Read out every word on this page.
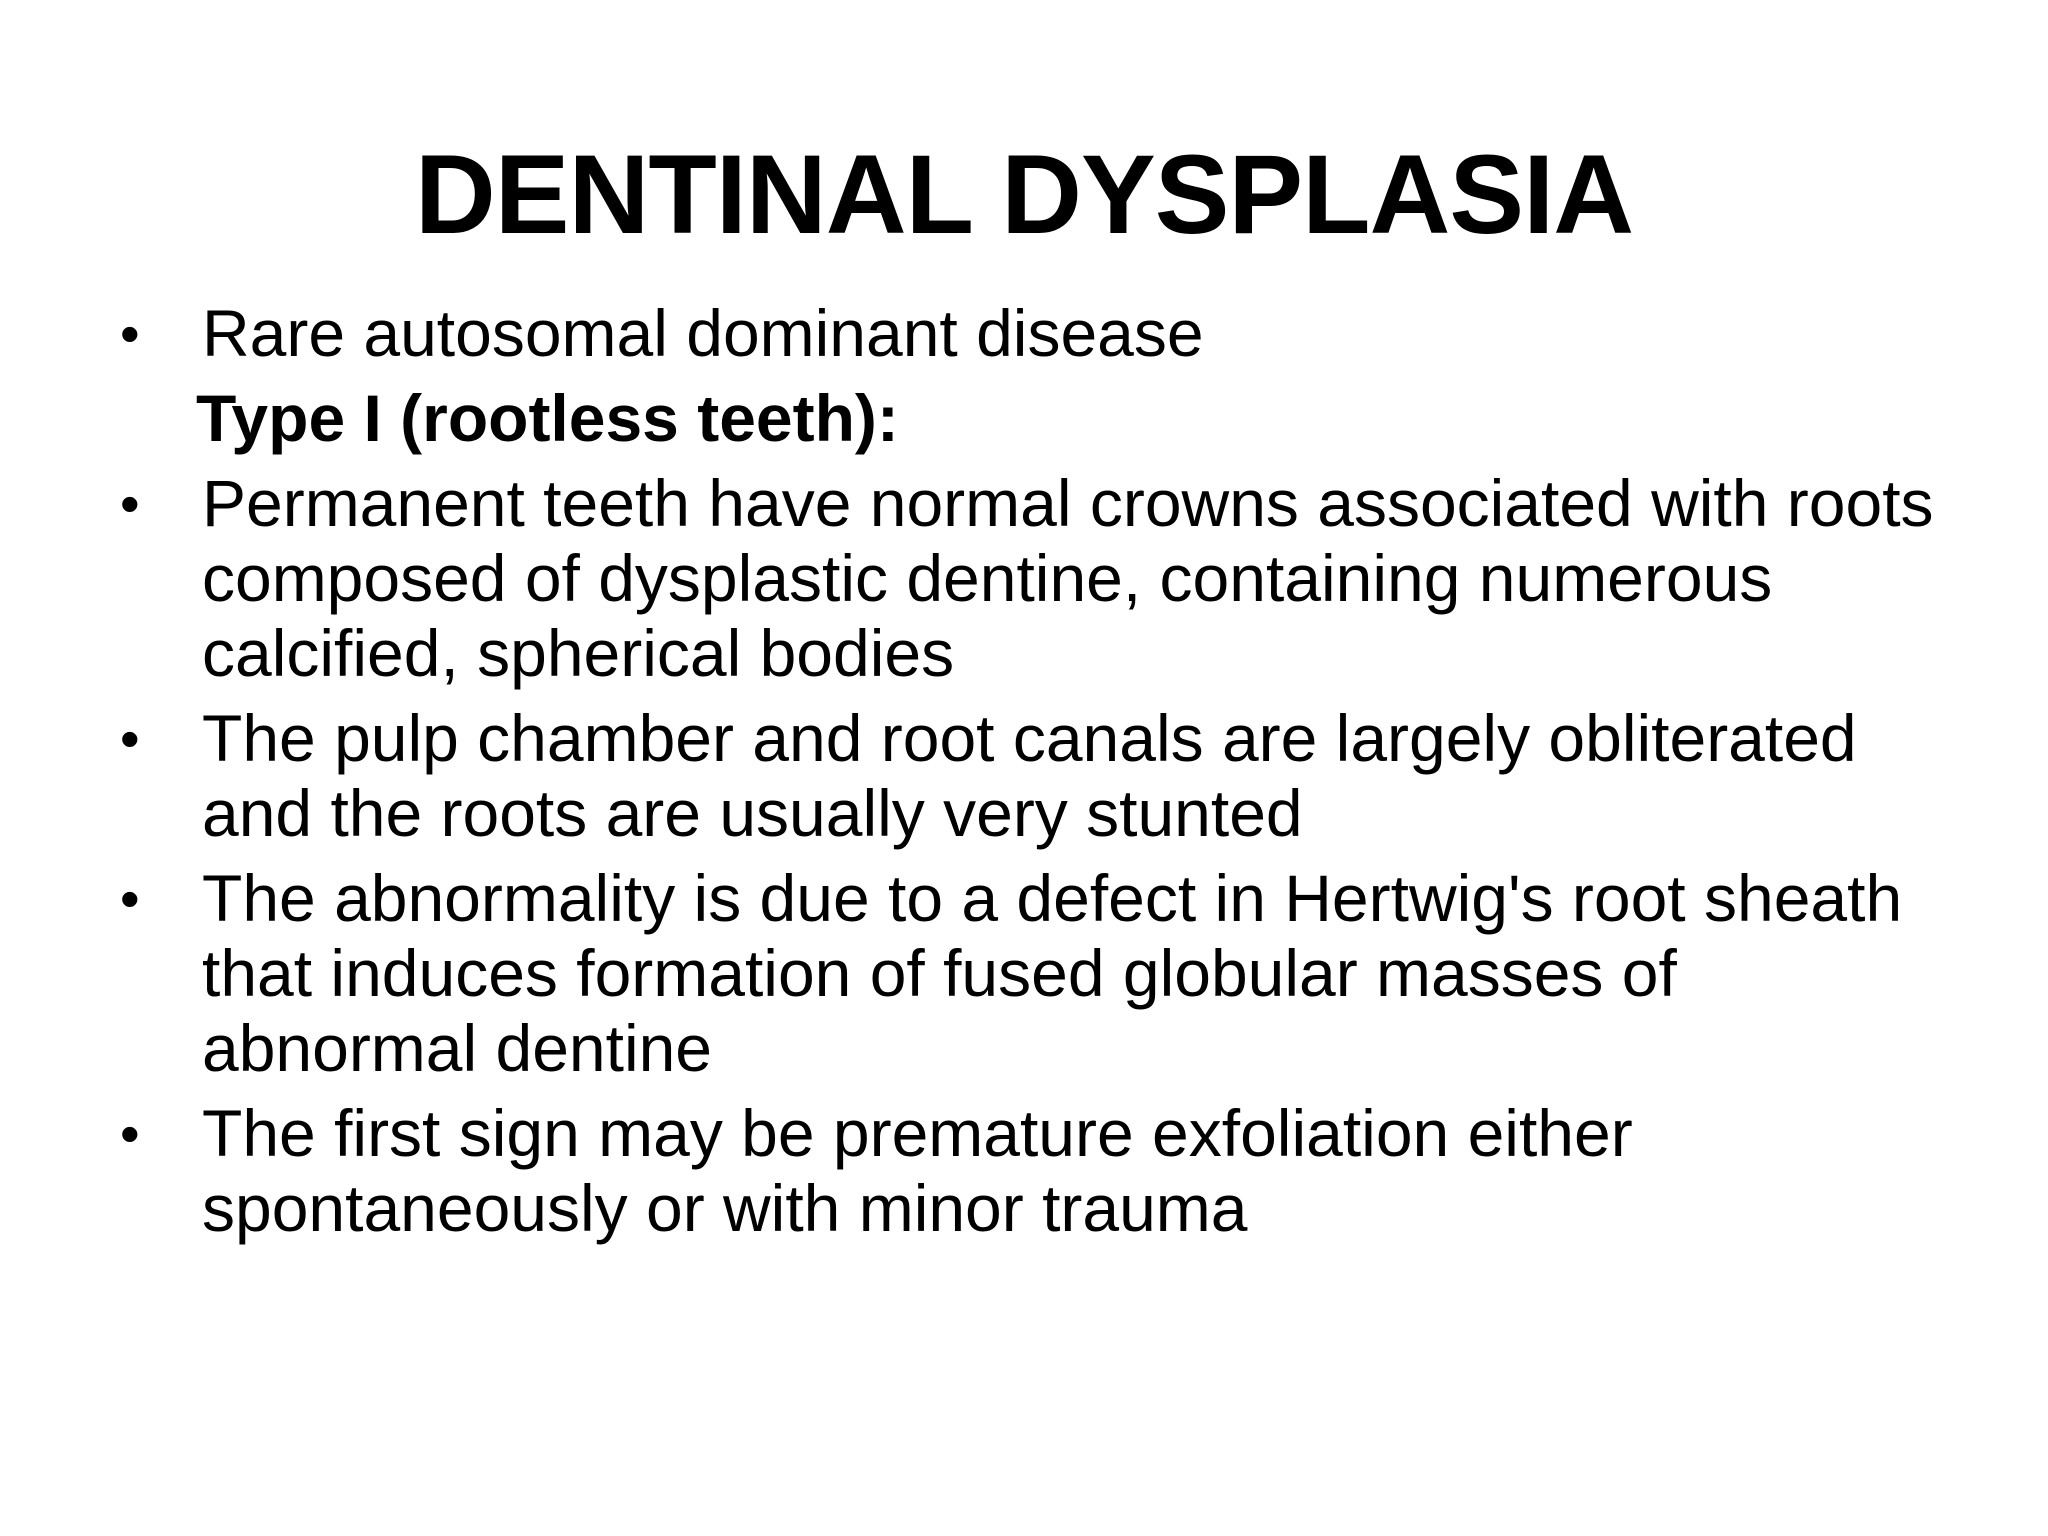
DENTINAL DYSPLASIA
• Rare autosomal dominant disease
Type I (rootless teeth):
• Permanent teeth have normal crowns associated with roots composed of dysplastic dentine, containing numerous calcified, spherical bodies
• The pulp chamber and root canals are largely obliterated and the roots are usually very stunted
• The abnormality is due to a defect in Hertwig's root sheath that induces formation of fused globular masses of abnormal dentine
• The first sign may be premature exfoliation either spontaneously or with minor trauma
